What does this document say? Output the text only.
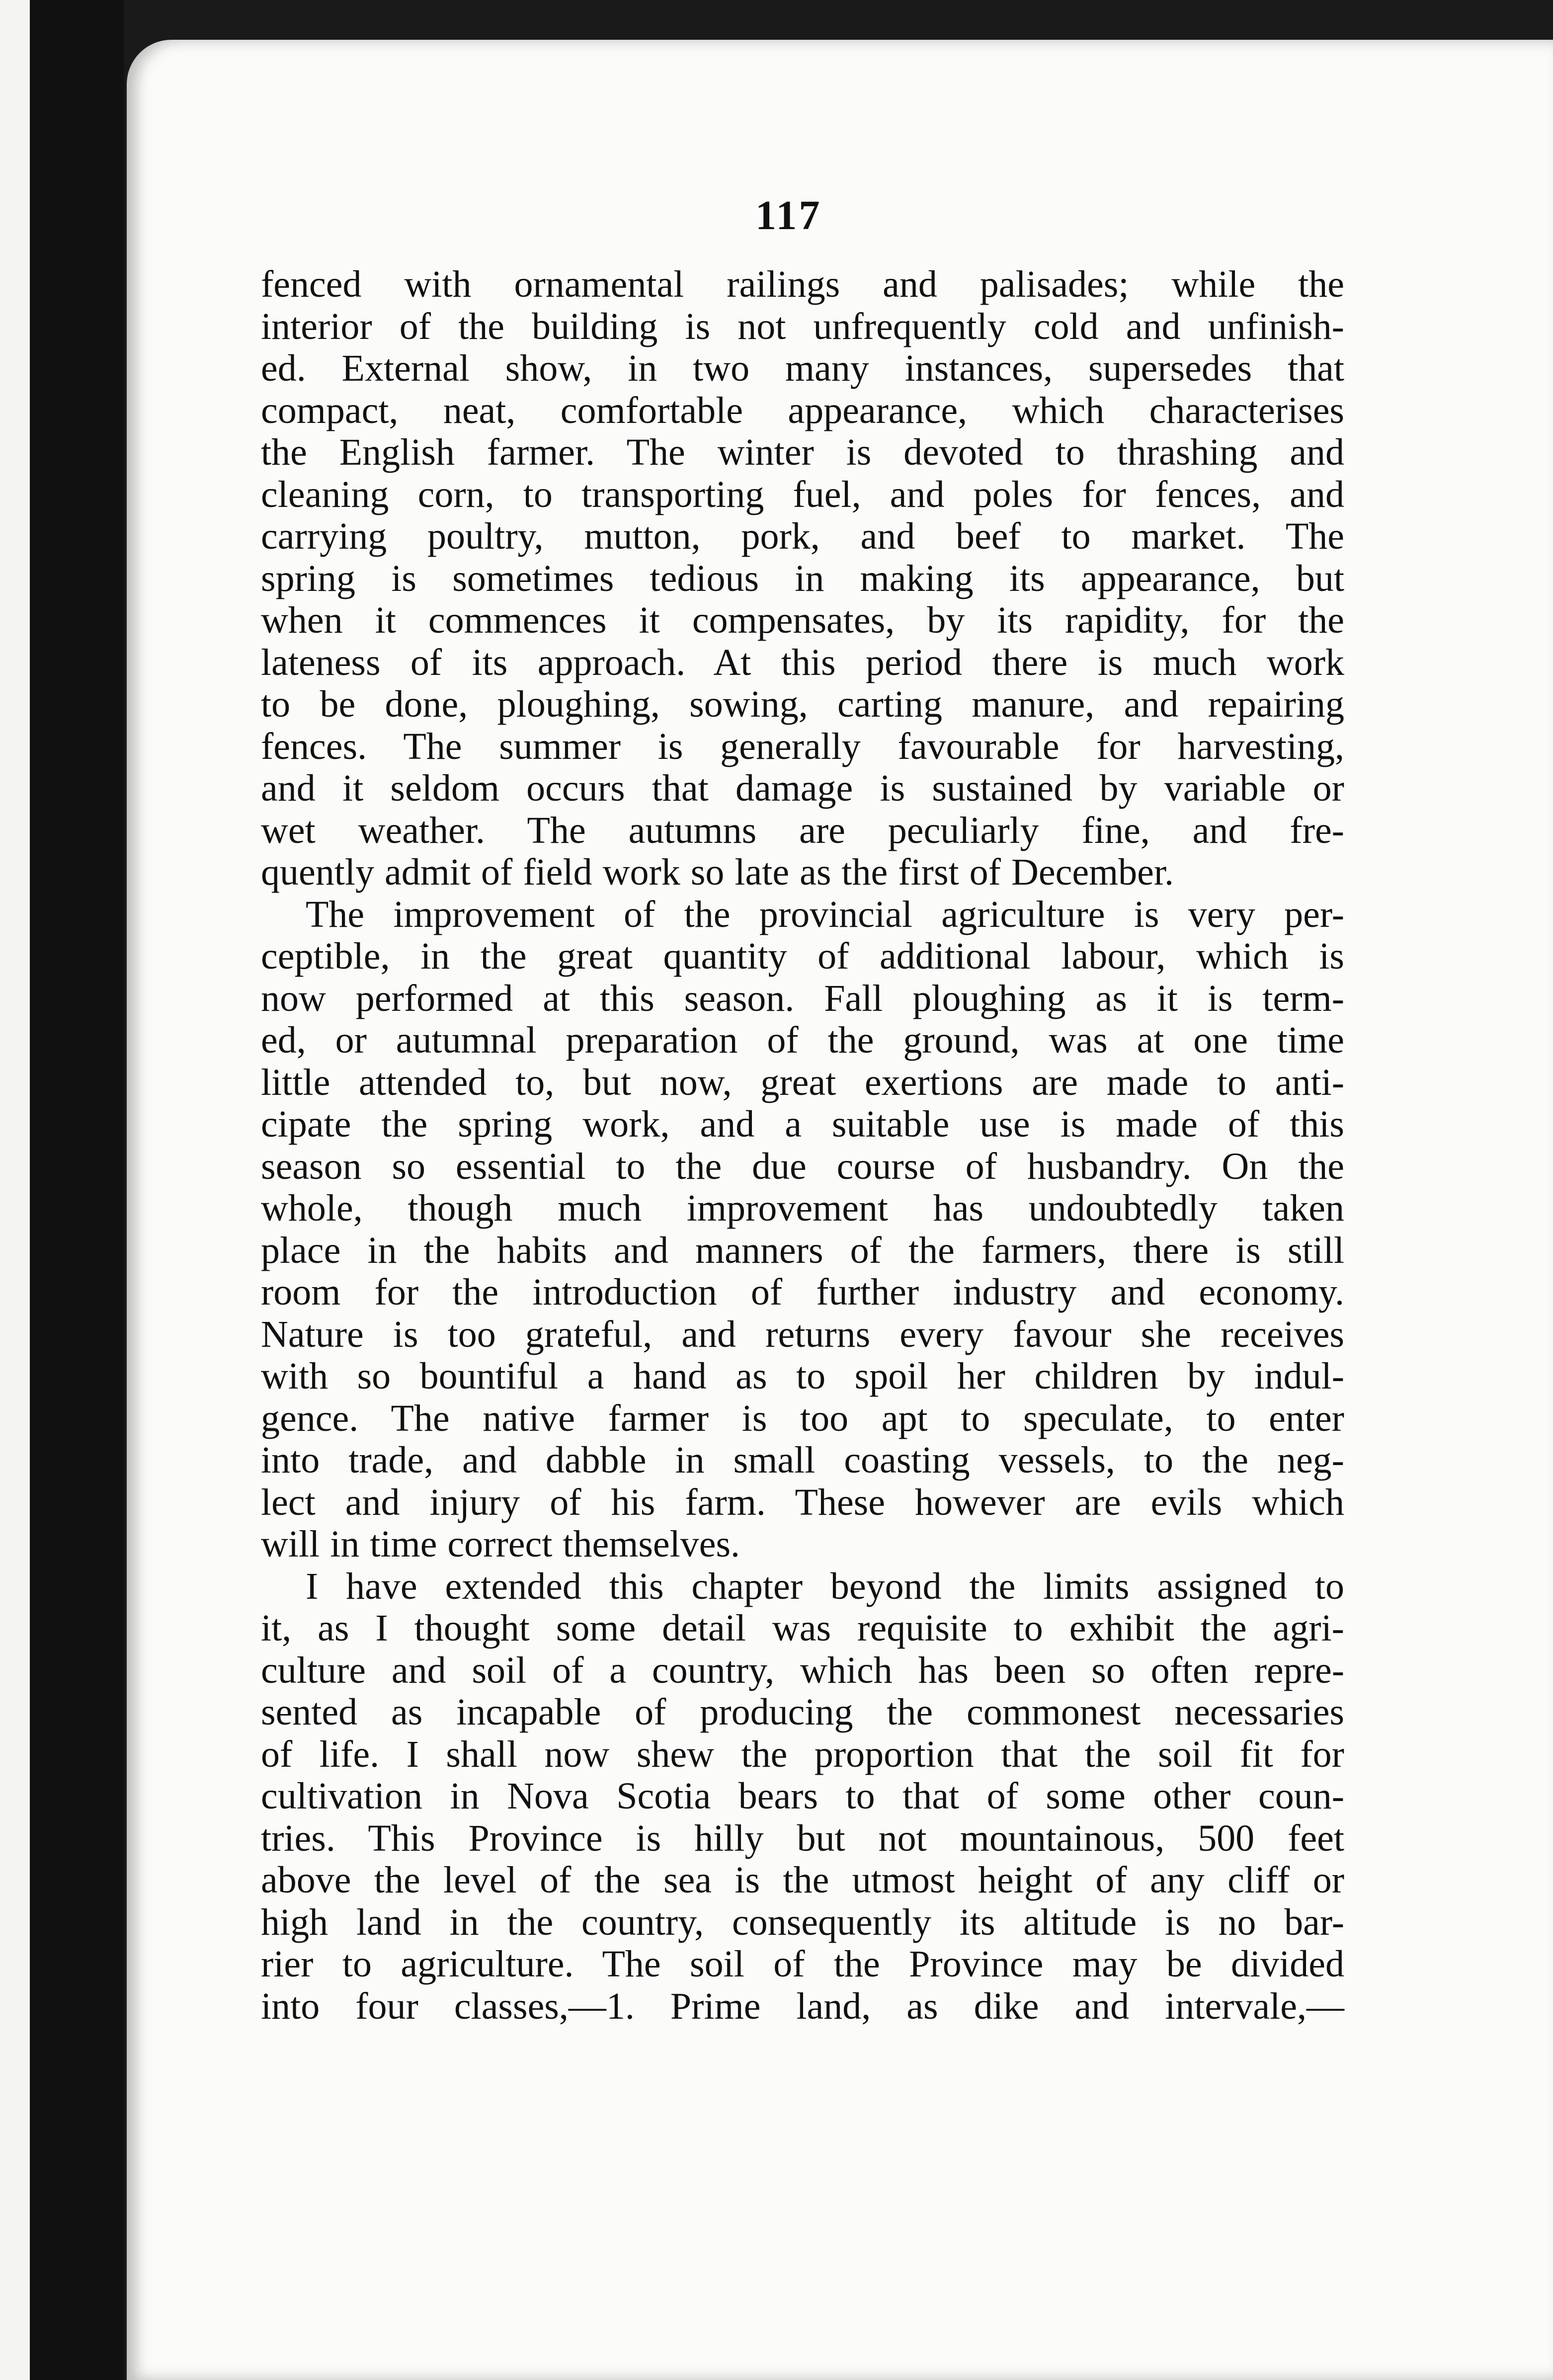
117
fenced with ornamental railings and palisades; while the
interior of the building is not unfrequently cold and unfinish-
ed. External show, in two many instances, supersedes that
compact, neat, comfortable appearance, which characterises
the English farmer. The winter is devoted to thrashing and
cleaning corn, to transporting fuel, and poles for fences, and
carrying poultry, mutton, pork, and beef to market. The
spring is sometimes tedious in making its appearance, but
when it commences it compensates, by its rapidity, for the
lateness of its approach. At this period there is much work
to be done, ploughing, sowing, carting manure, and repairing
fences. The summer is generally favourable for harvesting,
and it seldom occurs that damage is sustained by variable or
wet weather. The autumns are peculiarly fine, and fre-
quently admit of field work so late as the first of December.
The improvement of the provincial agriculture is very per-
ceptible, in the great quantity of additional labour, which is
now performed at this season. Fall ploughing as it is term-
ed, or autumnal preparation of the ground, was at one time
little attended to, but now, great exertions are made to anti-
cipate the spring work, and a suitable use is made of this
season so essential to the due course of husbandry. On the
whole, though much improvement has undoubtedly taken
place in the habits and manners of the farmers, there is still
room for the introduction of further industry and economy.
Nature is too grateful, and returns every favour she receives
with so bountiful a hand as to spoil her children by indul-
gence. The native farmer is too apt to speculate, to enter
into trade, and dabble in small coasting vessels, to the neg-
lect and injury of his farm. These however are evils which
will in time correct themselves.
I have extended this chapter beyond the limits assigned to
it, as I thought some detail was requisite to exhibit the agri-
culture and soil of a country, which has been so often repre-
sented as incapable of producing the commonest necessaries
of life. I shall now shew the proportion that the soil fit for
cultivation in Nova Scotia bears to that of some other coun-
tries. This Province is hilly but not mountainous, 500 feet
above the level of the sea is the utmost height of any cliff or
high land in the country, consequently its altitude is no bar-
rier to agriculture. The soil of the Province may be divided
into four classes,—1. Prime land, as dike and intervale,—
